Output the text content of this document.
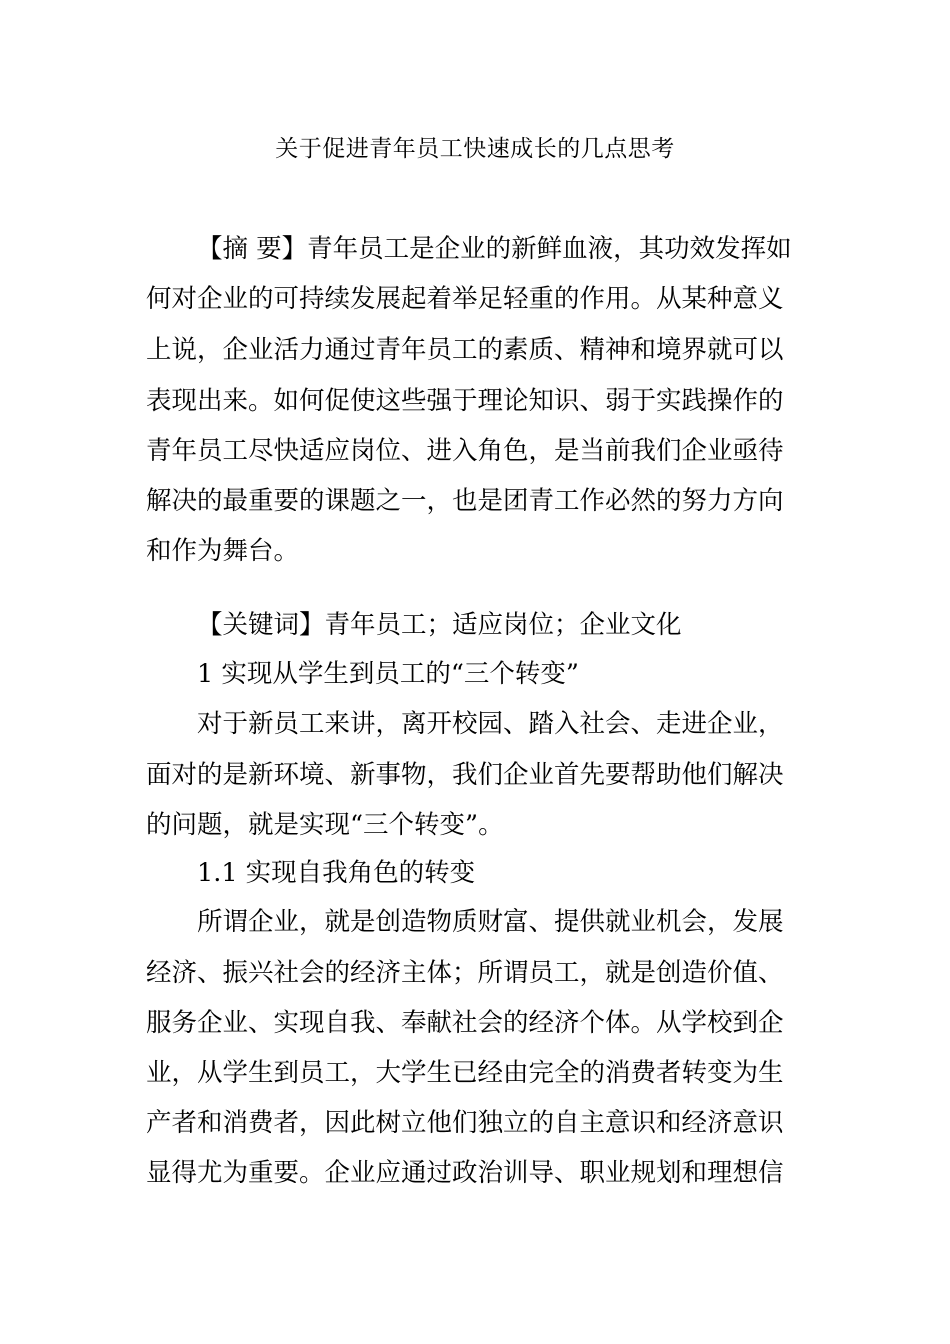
关于促进青年员工快速成长的几点思考
【摘 要】青年员工是企业的新鲜血液，其功效发挥如
何对企业的可持续发展起着举足轻重的作用。从某种意义
上说，企业活力通过青年员工的素质、精神和境界就可以
表现出来。如何促使这些强于理论知识、弱于实践操作的
青年员工尽快适应岗位、进入角色，是当前我们企业亟待
解决的最重要的课题之一，也是团青工作必然的努力方向
和作为舞台。
【关键词】青年员工；适应岗位；企业文化
1 实现从学生到员工的“三个转变”
对于新员工来讲，离开校园、踏入社会、走进企业，
面对的是新环境、新事物，我们企业首先要帮助他们解决
的问题，就是实现“三个转变”。
1.1 实现自我角色的转变
所谓企业，就是创造物质财富、提供就业机会，发展
经济、振兴社会的经济主体；所谓员工，就是创造价值、
服务企业、实现自我、奉献社会的经济个体。从学校到企
业，从学生到员工，大学生已经由完全的消费者转变为生
产者和消费者，因此树立他们独立的自主意识和经济意识
显得尤为重要。企业应通过政治训导、职业规划和理想信
